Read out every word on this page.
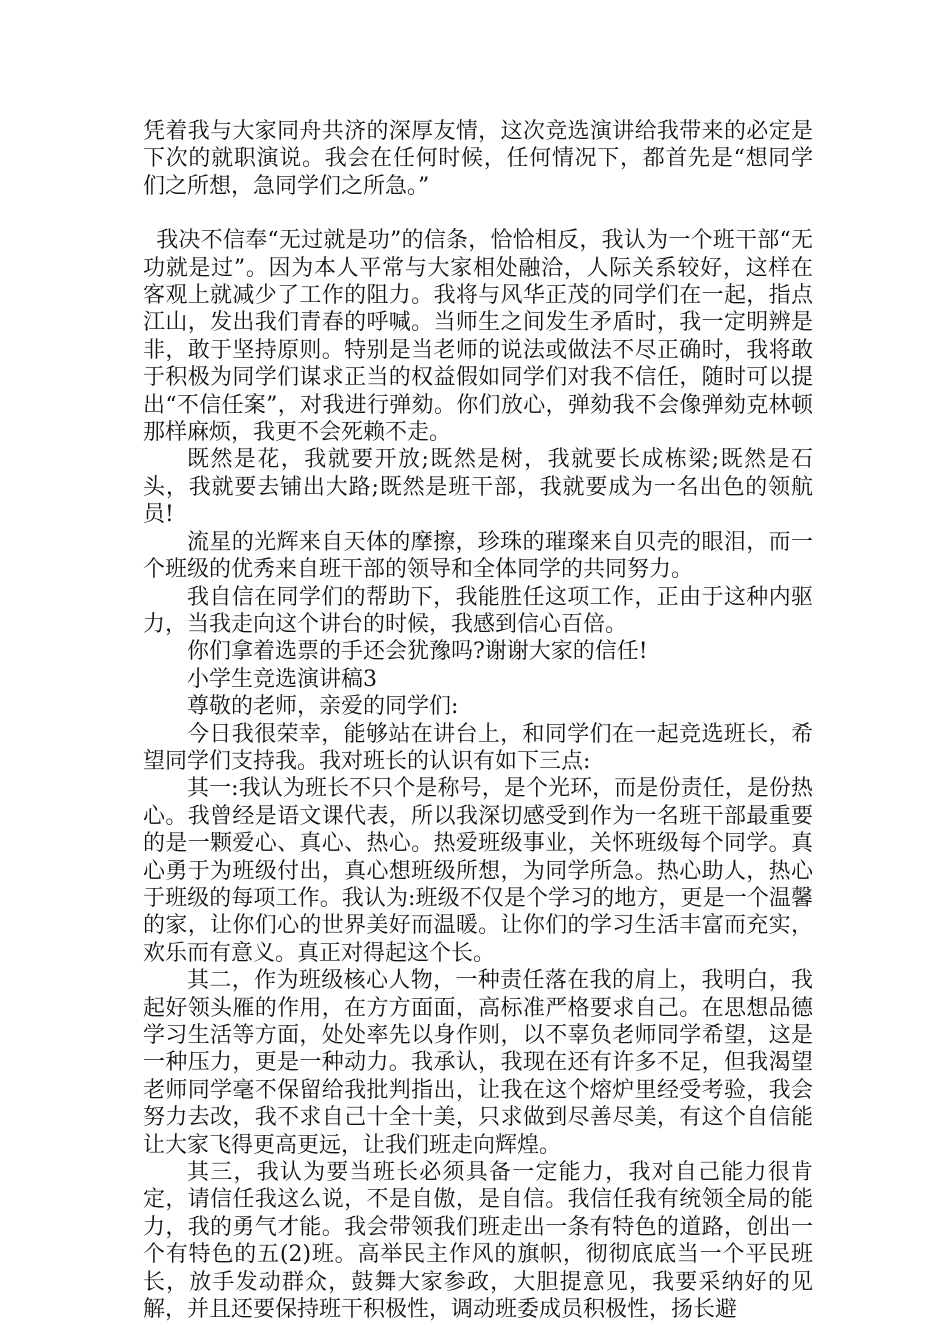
凭着我与大家同舟共济的深厚友情，这次竞选演讲给我带来的必定是下次的就职演说。我会在任何时候，任何情况下，都首先是“想同学们之所想，急同学们之所急。”

我决不信奉“无过就是功”的信条，恰恰相反，我认为一个班干部“无功就是过”。因为本人平常与大家相处融洽，人际关系较好，这样在客观上就减少了工作的阻力。我将与风华正茂的同学们在一起，指点江山，发出我们青春的呼喊。当师生之间发生矛盾时，我一定明辨是非，敢于坚持原则。特别是当老师的说法或做法不尽正确时，我将敢于积极为同学们谋求正当的权益假如同学们对我不信任，随时可以提出“不信任案”，对我进行弹劾。你们放心，弹劾我不会像弹劾克林顿那样麻烦，我更不会死赖不走。

既然是花，我就要开放;既然是树，我就要长成栋梁;既然是石头，我就要去铺出大路;既然是班干部，我就要成为一名出色的领航员!

流星的光辉来自天体的摩擦，珍珠的璀璨来自贝壳的眼泪，而一个班级的优秀来自班干部的领导和全体同学的共同努力。

我自信在同学们的帮助下，我能胜任这项工作，正由于这种内驱力，当我走向这个讲台的时候，我感到信心百倍。

你们拿着选票的手还会犹豫吗?谢谢大家的信任!

小学生竞选演讲稿3

尊敬的老师，亲爱的同学们:

今日我很荣幸，能够站在讲台上，和同学们在一起竞选班长，希望同学们支持我。我对班长的认识有如下三点:

其一:我认为班长不只个是称号，是个光环，而是份责任，是份热心。我曾经是语文课代表，所以我深切感受到作为一名班干部最重要的是一颗爱心、真心、热心。热爱班级事业，关怀班级每个同学。真心勇于为班级付出，真心想班级所想，为同学所急。热心助人，热心于班级的每项工作。我认为:班级不仅是个学习的地方，更是一个温馨的家，让你们心的世界美好而温暖。让你们的学习生活丰富而充实，欢乐而有意义。真正对得起这个长。

其二，作为班级核心人物，一种责任落在我的肩上，我明白，我起好领头雁的作用，在方方面面，高标准严格要求自己。在思想品德学习生活等方面，处处率先以身作则，以不辜负老师同学希望，这是一种压力，更是一种动力。我承认，我现在还有许多不足，但我渴望老师同学毫不保留给我批判指出，让我在这个熔炉里经受考验，我会努力去改，我不求自己十全十美，只求做到尽善尽美，有这个自信能让大家飞得更高更远，让我们班走向辉煌。

其三，我认为要当班长必须具备一定能力，我对自己能力很肯定，请信任我这么说，不是自傲，是自信。我信任我有统领全局的能力，我的勇气才能。我会带领我们班走出一条有特色的道路，创出一个有特色的五(2)班。高举民主作风的旗帜，彻彻底底当一个平民班长，放手发动群众，鼓舞大家参政，大胆提意见，我要采纳好的见解，并且还要保持班干积极性，调动班委成员积极性，扬长避
